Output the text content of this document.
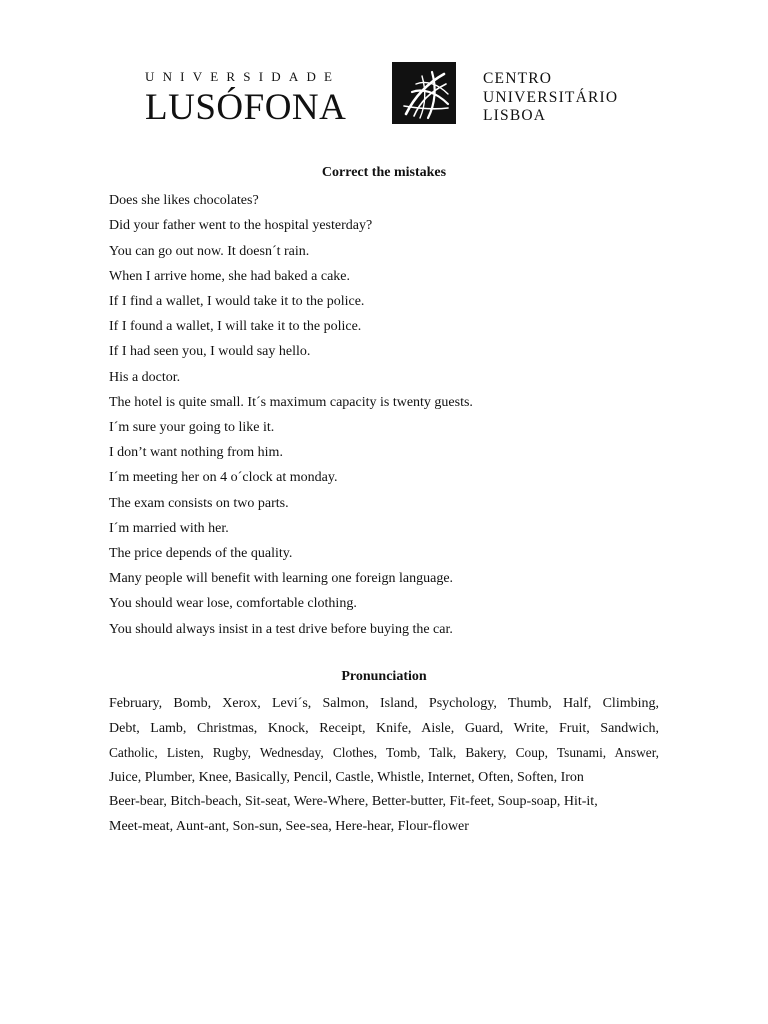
UNIVERSIDADE
LUSÓFONA
CENTRO
UNIVERSITÁRIO
LISBOA
Correct the mistakes

Does she likes chocolates?

Did your father went to the hospital yesterday?

You can go out now. It doesn´t rain.

When I arrive home, she had baked a cake.

If I find a wallet, I would take it to the police.

If I found a wallet, I will take it to the police.

If I had seen you, I would say hello.

His a doctor.

The hotel is quite small. It´s maximum capacity is twenty guests.

I´m sure your going to like it.

I don’t want nothing from him.

I´m meeting her on 4 o´clock at monday.

The exam consists on two parts.

I´m married with her.

The price depends of the quality.

Many people will benefit with learning one foreign language.

You should wear lose, comfortable clothing.

You should always insist in a test drive before buying the car.

Pronunciation

February, Bomb, Xerox, Levi´s, Salmon, Island, Psychology, Thumb, Half, Climbing,

Debt, Lamb, Christmas, Knock, Receipt, Knife, Aisle, Guard, Write, Fruit, Sandwich,

Catholic, Listen, Rugby, Wednesday, Clothes, Tomb, Talk, Bakery, Coup, Tsunami, Answer,

Juice, Plumber, Knee, Basically, Pencil, Castle, Whistle, Internet, Often, Soften, Iron

Beer-bear, Bitch-beach, Sit-seat, Were-Where, Better-butter, Fit-feet, Soup-soap, Hit-it,

Meet-meat, Aunt-ant, Son-sun, See-sea, Here-hear, Flour-flower
